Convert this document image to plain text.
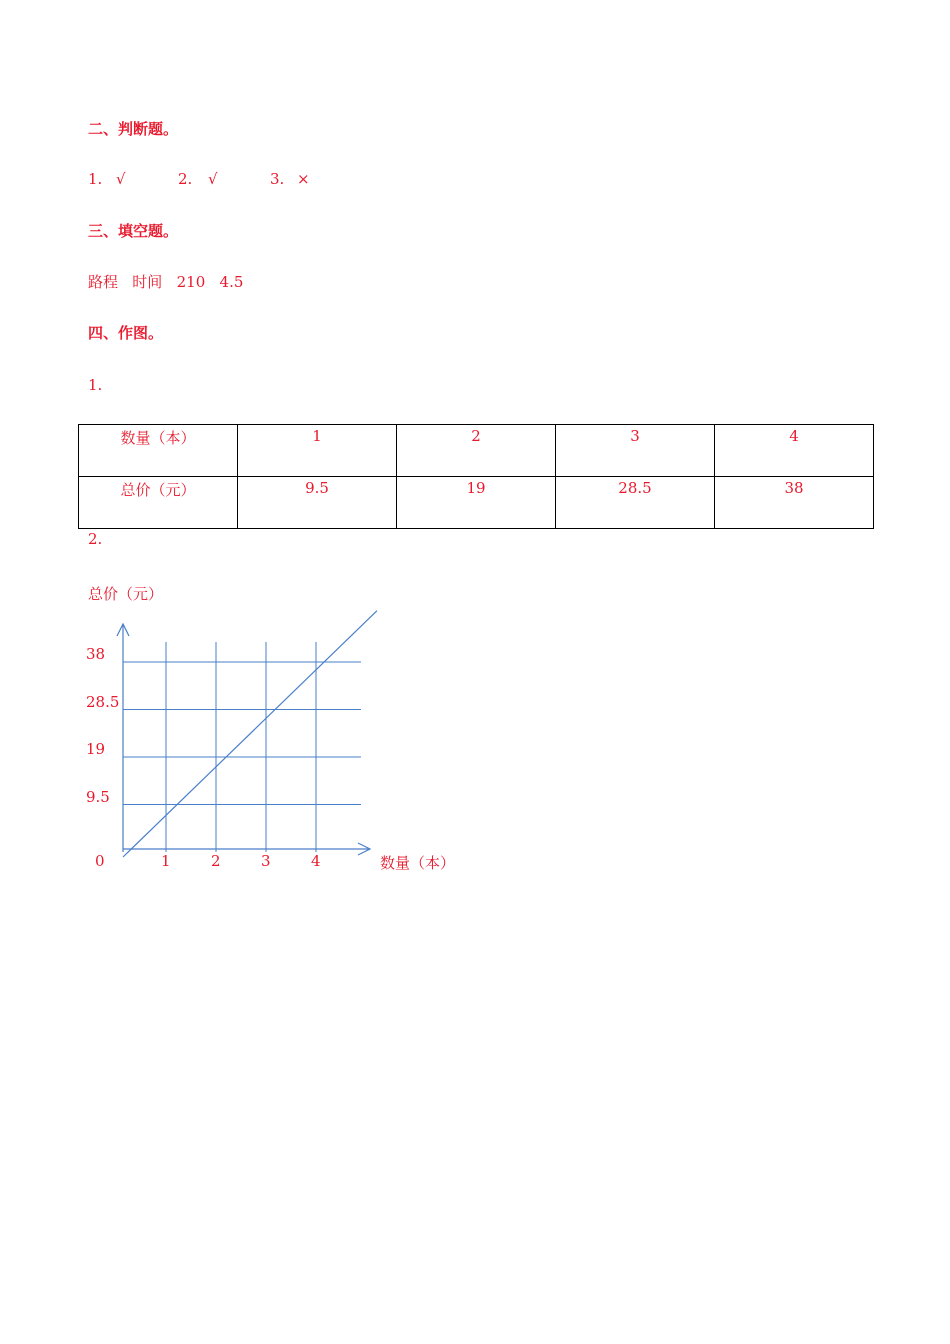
二、判断题。
1. √	2. √	3. ×
三、填空题。
路程   时间   210   4.5
四、作图。
1.
数量（本）	1	2	3	4
总价（元）	9.5	19	28.5	38
2.
总价（元）
9.5
19
28.5
38
0	1	2	3	4	数量（本）
